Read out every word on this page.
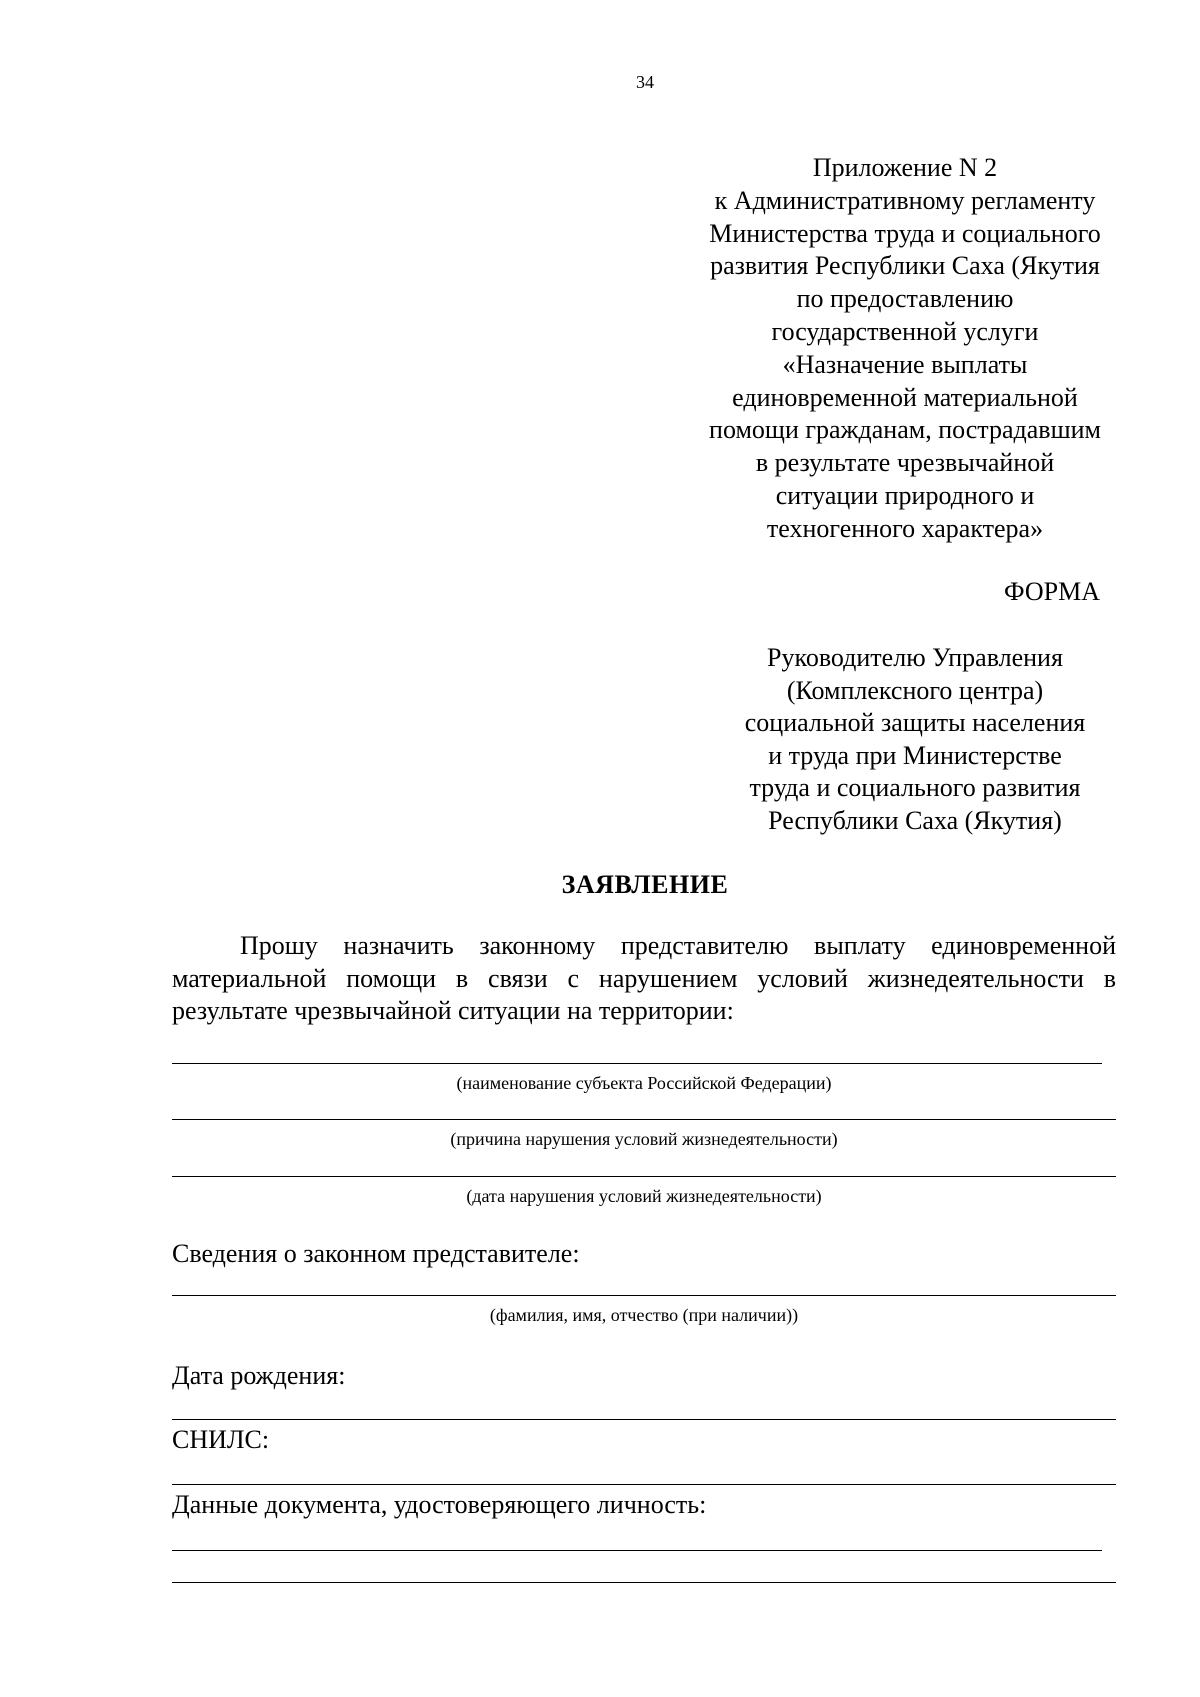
34
Приложение N 2
к Административному регламенту
Министерства труда и социального
развития Республики Саха (Якутия
по предоставлению
государственной услуги
«Назначение выплаты
единовременной материальной
помощи гражданам, пострадавшим
в результате чрезвычайной
ситуации природного и
техногенного характера»
ФОРМА
Руководителю Управления
(Комплексного центра)
социальной защиты населения
и труда при Министерстве
труда и социального развития
Республики Саха (Якутия)
ЗАЯВЛЕНИЕ
Прошу назначить законному представителю выплату единовременной материальной помощи в связи с нарушением условий жизнедеятельности в результате чрезвычайной ситуации на территории:
(наименование субъекта Российской Федерации)
(причина нарушения условий жизнедеятельности)
(дата нарушения условий жизнедеятельности)
Сведения о законном представителе:
(фамилия, имя, отчество (при наличии))
Дата рождения:
СНИЛС:
Данные документа, удостоверяющего личность:
